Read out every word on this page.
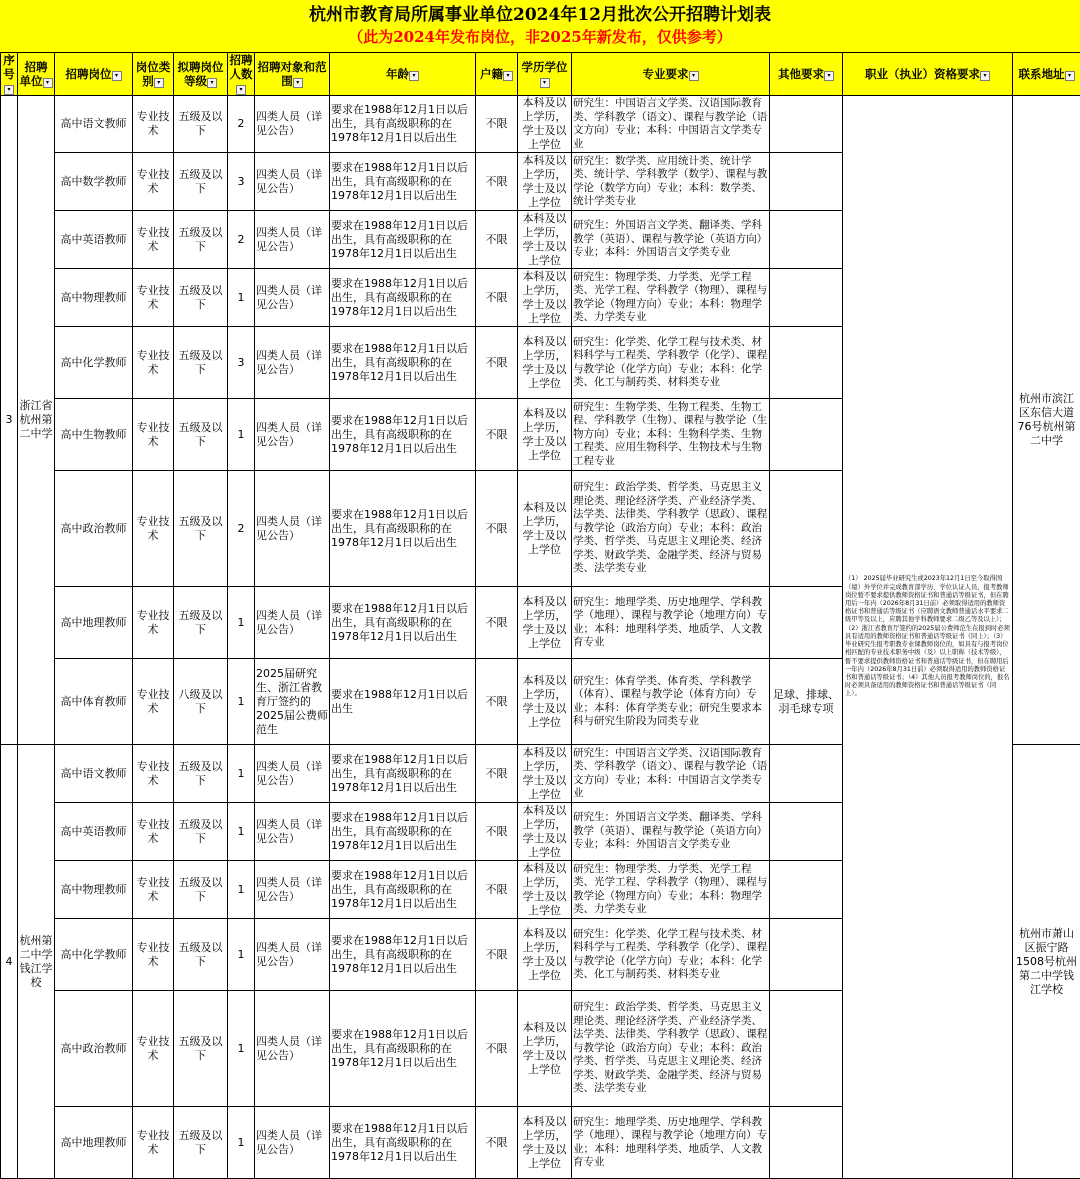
杭州市教育局所属事业单位2024年12月批次公开招聘计划表
（此为2024年发布岗位，非2025年新发布，仅供参考）
序号▾	招聘单位 ▾	招聘岗位 ▾	岗位类别 ▾	拟聘岗位等级 ▾	招聘人数▾	招聘对象和范围 ▾	年龄 ▾	户籍 ▾	学历学位▾	专业要求 ▾	其他要求 ▾	职业（执业）资格要求 ▾	联系地址 ▾
3	浙江省杭州第二中学	高中语文教师	专业技术	五级及以下	2	四类人员（详见公告）	要求在1988年12月1日以后出生，具有高级职称的在1978年12月1日以后出生	不限	本科及以上学历，学士及以上学位	研究生：中国语言文学类、汉语国际教育类、学科教学（语文）、课程与教学论（语文方向）专业；本科：中国语言文学类专业		（1） 2025届毕业研究生或2023年12月1日至今取得国（境）外学位并完成教育部学历、学位认证人员，报考教师岗位暂不要求提供教师资格证书和普通话等级证书，但在聘用后一年内（2026年8月31日前）必须取得适用的教师资格证书和普通话等级证书（应聘语文教师普通话水平要求二级甲等及以上，应聘其他学科教师要求二级乙等及以上）；（2）浙江省教育厅签约的2025届公费师范生在报到时必须具有适用的教师资格证书和普通话等级证书（同上）；（3）毕业研究生报考职教专业课教师岗位的，如具有与报考岗位相匹配的专业技术职务中级（及）以上职称（技术等级），暂不要求提供教师资格证书和普通话等级证书，但在聘用后一年内（2026年8月31日前）必须取得适用的教师资格证书和普通话等级证书；（4）其他人员报考教师岗位的，报名时必须具备适用的教师资格证书和普通话等级证书（同上）。	杭州市滨江区东信大道76号杭州第二中学
		高中数学教师	专业技术	五级及以下	3	四类人员（详见公告）	要求在1988年12月1日以后出生，具有高级职称的在1978年12月1日以后出生	不限	本科及以上学历，学士及以上学位	研究生：数学类、应用统计类、统计学类、统计学、学科教学（数学）、课程与教学论（数学方向）专业；本科：数学类、统计学类专业			
		高中英语教师	专业技术	五级及以下	2	四类人员（详见公告）	要求在1988年12月1日以后出生，具有高级职称的在1978年12月1日以后出生	不限	本科及以上学历，学士及以上学位	研究生：外国语言文学类、翻译类、学科教学（英语）、课程与教学论（英语方向）专业；本科：外国语言文学类专业			
		高中物理教师	专业技术	五级及以下	1	四类人员（详见公告）	要求在1988年12月1日以后出生，具有高级职称的在1978年12月1日以后出生	不限	本科及以上学历，学士及以上学位	研究生：物理学类、力学类、光学工程类、光学工程、学科教学（物理）、课程与教学论（物理方向）专业；本科：物理学类、力学类专业			
		高中化学教师	专业技术	五级及以下	3	四类人员（详见公告）	要求在1988年12月1日以后出生，具有高级职称的在1978年12月1日以后出生	不限	本科及以上学历，学士及以上学位	研究生：化学类、化学工程与技术类、材料科学与工程类、学科教学（化学）、课程与教学论（化学方向）专业；本科：化学类、化工与制药类、材料类专业			
		高中生物教师	专业技术	五级及以下	1	四类人员（详见公告）	要求在1988年12月1日以后出生，具有高级职称的在1978年12月1日以后出生	不限	本科及以上学历，学士及以上学位	研究生：生物学类、生物工程类、生物工程、学科教学（生物）、课程与教学论（生物方向）专业；本科：生物科学类、生物工程类、应用生物科学、生物技术与生物工程专业			
		高中政治教师	专业技术	五级及以下	2	四类人员（详见公告）	要求在1988年12月1日以后出生，具有高级职称的在1978年12月1日以后出生	不限	本科及以上学历，学士及以上学位	研究生：政治学类、哲学类、马克思主义理论类、理论经济学类、产业经济学类、法学类、法律类、学科教学（思政）、课程与教学论（政治方向）专业；本科：政治学类、哲学类、马克思主义理论类、经济学类、财政学类、金融学类、经济与贸易类、法学类专业			
		高中地理教师	专业技术	五级及以下	1	四类人员（详见公告）	要求在1988年12月1日以后出生，具有高级职称的在1978年12月1日以后出生	不限	本科及以上学历，学士及以上学位	研究生：地理学类、历史地理学、学科教学（地理）、课程与教学论（地理方向）专业；本科：地理科学类、地质学、人文教育专业			
		高中体育教师	专业技术	八级及以下	1	2025届研究生、浙江省教育厅签约的2025届公费师范生	要求在1988年12月1日以后出生	不限	本科及以上学历，学士及以上学位	研究生：体育学类、体育类、学科教学（体育）、课程与教学论（体育方向）专业；本科：体育学类专业；研究生要求本科与研究生阶段为同类专业	足球、排球、羽毛球专项		
4	杭州第二中学钱江学校	高中语文教师	专业技术	五级及以下	1	四类人员（详见公告）	要求在1988年12月1日以后出生，具有高级职称的在1978年12月1日以后出生	不限	本科及以上学历，学士及以上学位	研究生：中国语言文学类、汉语国际教育类、学科教学（语文）、课程与教学论（语文方向）专业；本科：中国语言文学类专业			杭州市萧山区振宁路1508号杭州第二中学钱江学校
		高中英语教师	专业技术	五级及以下	1	四类人员（详见公告）	要求在1988年12月1日以后出生，具有高级职称的在1978年12月1日以后出生	不限	本科及以上学历，学士及以上学位	研究生：外国语言文学类、翻译类、学科教学（英语）、课程与教学论（英语方向）专业；本科：外国语言文学类专业			
		高中物理教师	专业技术	五级及以下	1	四类人员（详见公告）	要求在1988年12月1日以后出生，具有高级职称的在1978年12月1日以后出生	不限	本科及以上学历，学士及以上学位	研究生：物理学类、力学类、光学工程类、光学工程、学科教学（物理）、课程与教学论（物理方向）专业；本科：物理学类、力学类专业			
		高中化学教师	专业技术	五级及以下	1	四类人员（详见公告）	要求在1988年12月1日以后出生，具有高级职称的在1978年12月1日以后出生	不限	本科及以上学历，学士及以上学位	研究生：化学类、化学工程与技术类、材料科学与工程类、学科教学（化学）、课程与教学论（化学方向）专业；本科：化学类、化工与制药类、材料类专业			
		高中政治教师	专业技术	五级及以下	1	四类人员（详见公告）	要求在1988年12月1日以后出生，具有高级职称的在1978年12月1日以后出生	不限	本科及以上学历，学士及以上学位	研究生：政治学类、哲学类、马克思主义理论类、理论经济学类、产业经济学类、法学类、法律类、学科教学（思政）、课程与教学论（政治方向）专业；本科：政治学类、哲学类、马克思主义理论类、经济学类、财政学类、金融学类、经济与贸易类、法学类专业			
		高中地理教师	专业技术	五级及以下	1	四类人员（详见公告）	要求在1988年12月1日以后出生，具有高级职称的在1978年12月1日以后出生	不限	本科及以上学历，学士及以上学位	研究生：地理学类、历史地理学、学科教学（地理）、课程与教学论（地理方向）专业；本科：地理科学类、地质学、人文教育专业			
